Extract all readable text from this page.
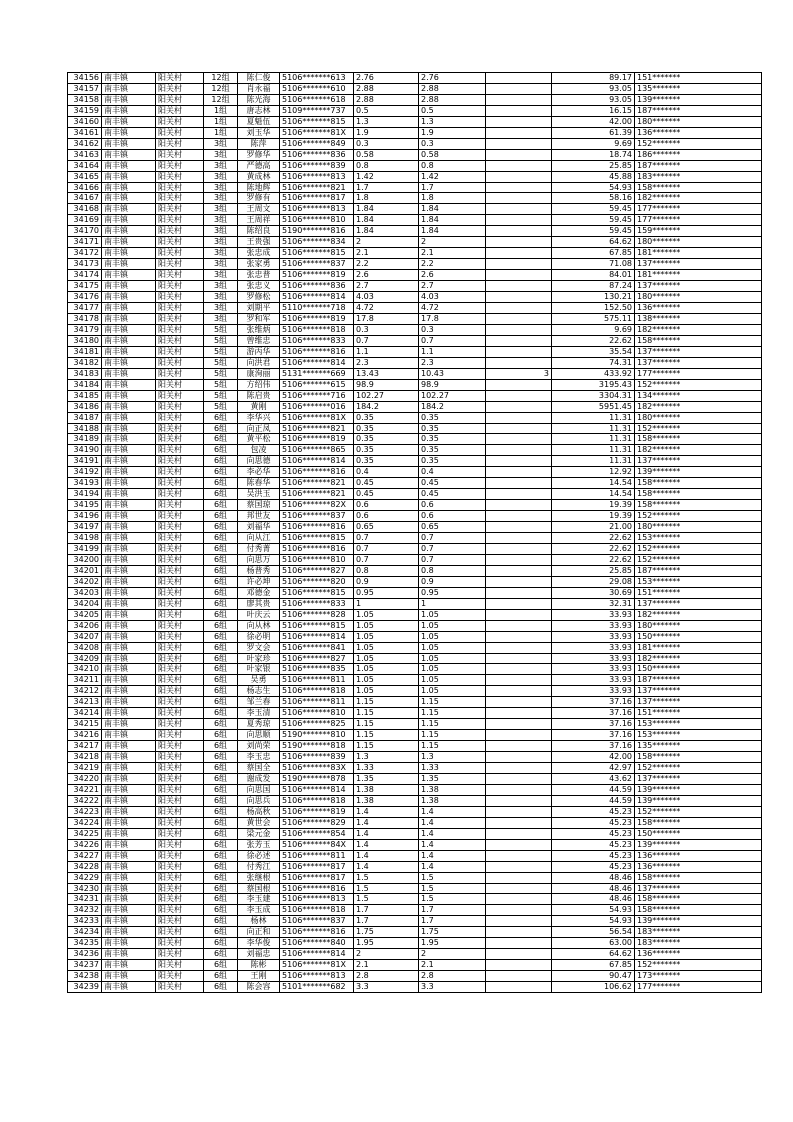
34156	南丰镇	阳关村	12组	陈仁俊	5106*******613	2.76	2.76		89.17	151*******
34157	南丰镇	阳关村	12组	肖永福	5106*******610	2.88	2.88		93.05	135*******
34158	南丰镇	阳关村	12组	陈光海	5106*******618	2.88	2.88		93.05	139*******
34159	南丰镇	阳关村	1组	唐志林	5109*******737	0.5	0.5		16.15	187*******
34160	南丰镇	阳关村	1组	夏魁伍	5106*******815	1.3	1.3		42.00	180*******
34161	南丰镇	阳关村	1组	刘玉华	5106*******81X	1.9	1.9		61.39	136*******
34162	南丰镇	阳关村	3组	陈萍	5106*******849	0.3	0.3		9.69	152*******
34163	南丰镇	阳关村	3组	罗修华	5106*******836	0.58	0.58		18.74	186*******
34164	南丰镇	阳关村	3组	严德高	5106*******839	0.8	0.8		25.85	187*******
34165	南丰镇	阳关村	3组	黄成林	5106*******813	1.42	1.42		45.88	183*******
34166	南丰镇	阳关村	3组	陈地辉	5106*******821	1.7	1.7		54.93	158*******
34167	南丰镇	阳关村	3组	罗修有	5106*******817	1.8	1.8		58.16	182*******
34168	南丰镇	阳关村	3组	王周文	5106*******813	1.84	1.84		59.45	177*******
34169	南丰镇	阳关村	3组	王周祥	5106*******810	1.84	1.84		59.45	177*******
34170	南丰镇	阳关村	3组	陈绍良	5190*******816	1.84	1.84		59.45	159*******
34171	南丰镇	阳关村	3组	王贵强	5106*******834	2	2		64.62	180*******
34172	南丰镇	阳关村	3组	张忠成	5106*******815	2.1	2.1		67.85	181*******
34173	南丰镇	阳关村	3组	张家勇	5106*******837	2.2	2.2		71.08	137*******
34174	南丰镇	阳关村	3组	张忠普	5106*******819	2.6	2.6		84.01	181*******
34175	南丰镇	阳关村	3组	张忠义	5106*******836	2.7	2.7		87.24	137*******
34176	南丰镇	阳关村	3组	罗修松	5106*******814	4.03	4.03		130.21	180*******
34177	南丰镇	阳关村	3组	刘期平	5110*******718	4.72	4.72		152.50	136*******
34178	南丰镇	阳关村	3组	罗和军	5106*******819	17.8	17.8		575.11	138*******
34179	南丰镇	阳关村	5组	张维炳	5106*******818	0.3	0.3		9.69	182*******
34180	南丰镇	阳关村	5组	曾维忠	5106*******833	0.7	0.7		22.62	158*******
34181	南丰镇	阳关村	5组	游丙华	5106*******816	1.1	1.1		35.54	137*******
34182	南丰镇	阳关村	5组	向洪君	5106*******814	2.3	2.3		74.31	137*******
34183	南丰镇	阳关村	5组	康洵丽	5131*******669	13.43	10.43	3	433.92	177*******
34184	南丰镇	阳关村	5组	方绍伟	5106*******615	98.9	98.9		3195.43	152*******
34185	南丰镇	阳关村	5组	陈启贵	5106*******716	102.27	102.27		3304.31	134*******
34186	南丰镇	阳关村	5组	黄刚	5106*******016	184.2	184.2		5951.45	182*******
34187	南丰镇	阳关村	6组	李华兴	5106*******81X	0.35	0.35		11.31	180*******
34188	南丰镇	阳关村	6组	向正凤	5106*******821	0.35	0.35		11.31	152*******
34189	南丰镇	阳关村	6组	黄平松	5106*******819	0.35	0.35		11.31	158*******
34190	南丰镇	阳关村	6组	包凌	5106*******865	0.35	0.35		11.31	182*******
34191	南丰镇	阳关村	6组	向思德	5106*******814	0.35	0.35		11.31	137*******
34192	南丰镇	阳关村	6组	李必华	5106*******816	0.4	0.4		12.92	139*******
34193	南丰镇	阳关村	6组	陈春华	5106*******821	0.45	0.45		14.54	158*******
34194	南丰镇	阳关村	6组	吴洪玉	5106*******821	0.45	0.45		14.54	158*******
34195	南丰镇	阳关村	6组	蔡国琼	5106*******82X	0.6	0.6		19.39	158*******
34196	南丰镇	阳关村	6组	邦世友	5106*******837	0.6	0.6		19.39	152*******
34197	南丰镇	阳关村	6组	刘福华	5106*******816	0.65	0.65		21.00	180*******
34198	南丰镇	阳关村	6组	向从江	5106*******815	0.7	0.7		22.62	153*******
34199	南丰镇	阳关村	6组	付秀菁	5106*******816	0.7	0.7		22.62	152*******
34200	南丰镇	阳关村	6组	向思万	5106*******810	0.7	0.7		22.62	152*******
34201	南丰镇	阳关村	6组	杨普秀	5106*******827	0.8	0.8		25.85	187*******
34202	南丰镇	阳关村	6组	许必坤	5106*******820	0.9	0.9		29.08	153*******
34203	南丰镇	阳关村	6组	邓德金	5106*******815	0.95	0.95		30.69	151*******
34204	南丰镇	阳关村	6组	廖其贵	5106*******833	1	1		32.31	137*******
34205	南丰镇	阳关村	6组	叶庆云	5106*******828	1.05	1.05		33.93	182*******
34206	南丰镇	阳关村	6组	向从林	5106*******815	1.05	1.05		33.93	180*******
34207	南丰镇	阳关村	6组	徐必明	5106*******814	1.05	1.05		33.93	150*******
34208	南丰镇	阳关村	6组	罗文会	5106*******841	1.05	1.05		33.93	181*******
34209	南丰镇	阳关村	6组	叶家珍	5106*******827	1.05	1.05		33.93	182*******
34210	南丰镇	阳关村	6组	叶家银	5106*******835	1.05	1.05		33.93	150*******
34211	南丰镇	阳关村	6组	吴勇	5106*******811	1.05	1.05		33.93	187*******
34212	南丰镇	阳关村	6组	杨志生	5106*******818	1.05	1.05		33.93	137*******
34213	南丰镇	阳关村	6组	邹兰春	5106*******811	1.15	1.15		37.16	137*******
34214	南丰镇	阳关村	6组	李玉清	5106*******810	1.15	1.15		37.16	151*******
34215	南丰镇	阳关村	6组	夏秀琼	5106*******825	1.15	1.15		37.16	153*******
34216	南丰镇	阳关村	6组	向思顺	5190*******810	1.15	1.15		37.16	153*******
34217	南丰镇	阳关村	6组	刘尚荣	5190*******818	1.15	1.15		37.16	135*******
34218	南丰镇	阳关村	6组	李玉忠	5106*******839	1.3	1.3		42.00	158*******
34219	南丰镇	阳关村	6组	蔡国全	5106*******83X	1.33	1.33		42.97	152*******
34220	南丰镇	阳关村	6组	谢成发	5190*******878	1.35	1.35		43.62	137*******
34221	南丰镇	阳关村	6组	向思国	5106*******814	1.38	1.38		44.59	139*******
34222	南丰镇	阳关村	6组	向思兵	5106*******818	1.38	1.38		44.59	139*******
34223	南丰镇	阳关村	6组	杨高秋	5106*******819	1.4	1.4		45.23	152*******
34224	南丰镇	阳关村	6组	黄世会	5106*******829	1.4	1.4		45.23	158*******
34225	南丰镇	阳关村	6组	梁元金	5106*******854	1.4	1.4		45.23	150*******
34226	南丰镇	阳关村	6组	张芳玉	5106*******84X	1.4	1.4		45.23	139*******
34227	南丰镇	阳关村	6组	徐必述	5106*******811	1.4	1.4		45.23	136*******
34228	南丰镇	阳关村	6组	付秀江	5106*******817	1.4	1.4		45.23	136*******
34229	南丰镇	阳关村	6组	张继根	5106*******817	1.5	1.5		48.46	158*******
34230	南丰镇	阳关村	6组	蔡国根	5106*******816	1.5	1.5		48.46	137*******
34231	南丰镇	阳关村	6组	李玉建	5106*******813	1.5	1.5		48.46	158*******
34232	南丰镇	阳关村	6组	李玉成	5106*******818	1.7	1.7		54.93	158*******
34233	南丰镇	阳关村	6组	杨林	5106*******837	1.7	1.7		54.93	139*******
34234	南丰镇	阳关村	6组	向正和	5106*******816	1.75	1.75		56.54	183*******
34235	南丰镇	阳关村	6组	李华俊	5106*******840	1.95	1.95		63.00	183*******
34236	南丰镇	阳关村	6组	刘福忠	5106*******814	2	2		64.62	136*******
34237	南丰镇	阳关村	6组	陈彬	5106*******81X	2.1	2.1		67.85	152*******
34238	南丰镇	阳关村	6组	王刚	5106*******813	2.8	2.8		90.47	173*******
34239	南丰镇	阳关村	6组	陈会容	5101*******682	3.3	3.3		106.62	177*******
